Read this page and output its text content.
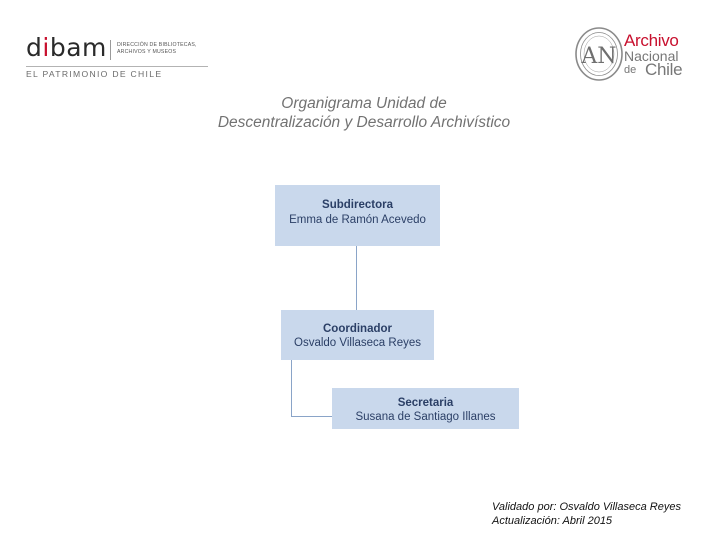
dibam DIRECCIÓN DE BIBLIOTECAS,
ARCHIVOS Y MUSEOS
EL PATRIMONIO DE CHILE
AN
Archivo
Nacional
de Chile
Organigrama Unidad de
Descentralización y Desarrollo Archivístico
Subdirectora
Emma de Ramón Acevedo
Coordinador
Osvaldo Villaseca Reyes
Secretaria
Susana de Santiago Illanes
Validado por: Osvaldo Villaseca Reyes
Actualización: Abril 2015
